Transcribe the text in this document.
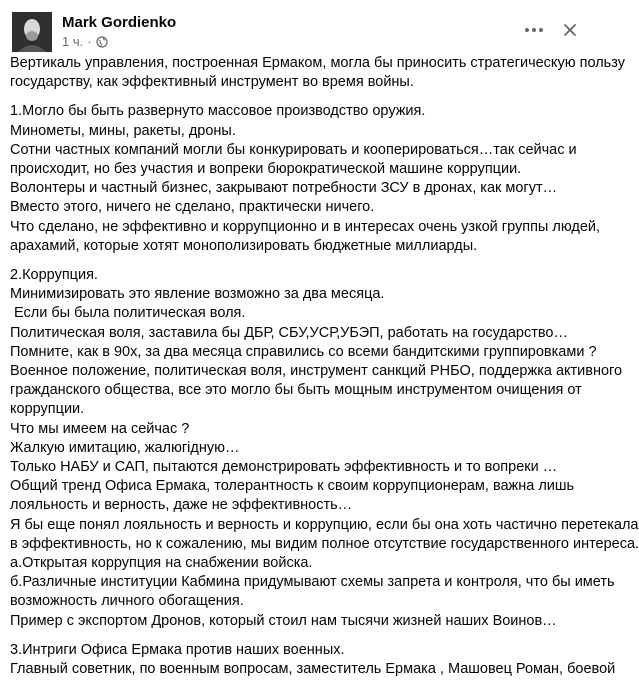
Mark Gordienko
1 ч. ·

Вертикаль управления, построенная Ермаком, могла бы приносить стратегическую пользу

государству, как эффективный инструмент во время войны.

1.Могло бы быть развернуто массовое производство оружия.

Минометы, мины, ракеты, дроны.

Сотни частных компаний могли бы конкурировать и кооперироваться…так сейчас и

происходит, но без участия и вопреки бюрократической машине коррупции.

Волонтеры и частный бизнес, закрывают потребности ЗСУ в дронах, как могут…

Вместо этого, ничего не сделано, практически ничего.

Что сделано, не эффективно и коррупционно и в интересах очень узкой группы людей,

арахамий, которые хотят монополизировать бюджетные миллиарды.

2.Коррупция.

Минимизировать это явление возможно за два месяца.

Если бы была политическая воля.

Политическая воля, заставила бы ДБР, СБУ,УСР,УБЭП, работать на государство…

Помните, как в 90х, за два месяца справились со всеми бандитскими группировками ?

Военное положение, политическая воля, инструмент санкций РНБО, поддержка активного

гражданского общества, все это могло бы быть мощным инструментом очищения от

коррупции.

Что мы имеем на сейчас ?

Жалкую имитацию, жалюгідную…

Только НАБУ и САП, пытаются демонстрировать эффективность и то вопреки …

Общий тренд Офиса Ермака, толерантность к своим коррупционерам, важна лишь

лояльность и верность, даже не эффективность…

Я бы еще понял лояльность и верность и коррупцию, если бы она хоть частично перетекала

в эффективность, но к сожалению, мы видим полное отсутствие государственного интереса.

а.Открытая коррупция на снабжении войска.

б.Различные институции Кабмина придумывают схемы запрета и контроля, что бы иметь

возможность личного обогащения.

Пример с экспортом Дронов, который стоил нам тысячи жизней наших Воинов…

3.Интриги Офиса Ермака против наших военных.

Главный советник, по военным вопросам, заместитель Ермака , Машовец Роман, боевой
